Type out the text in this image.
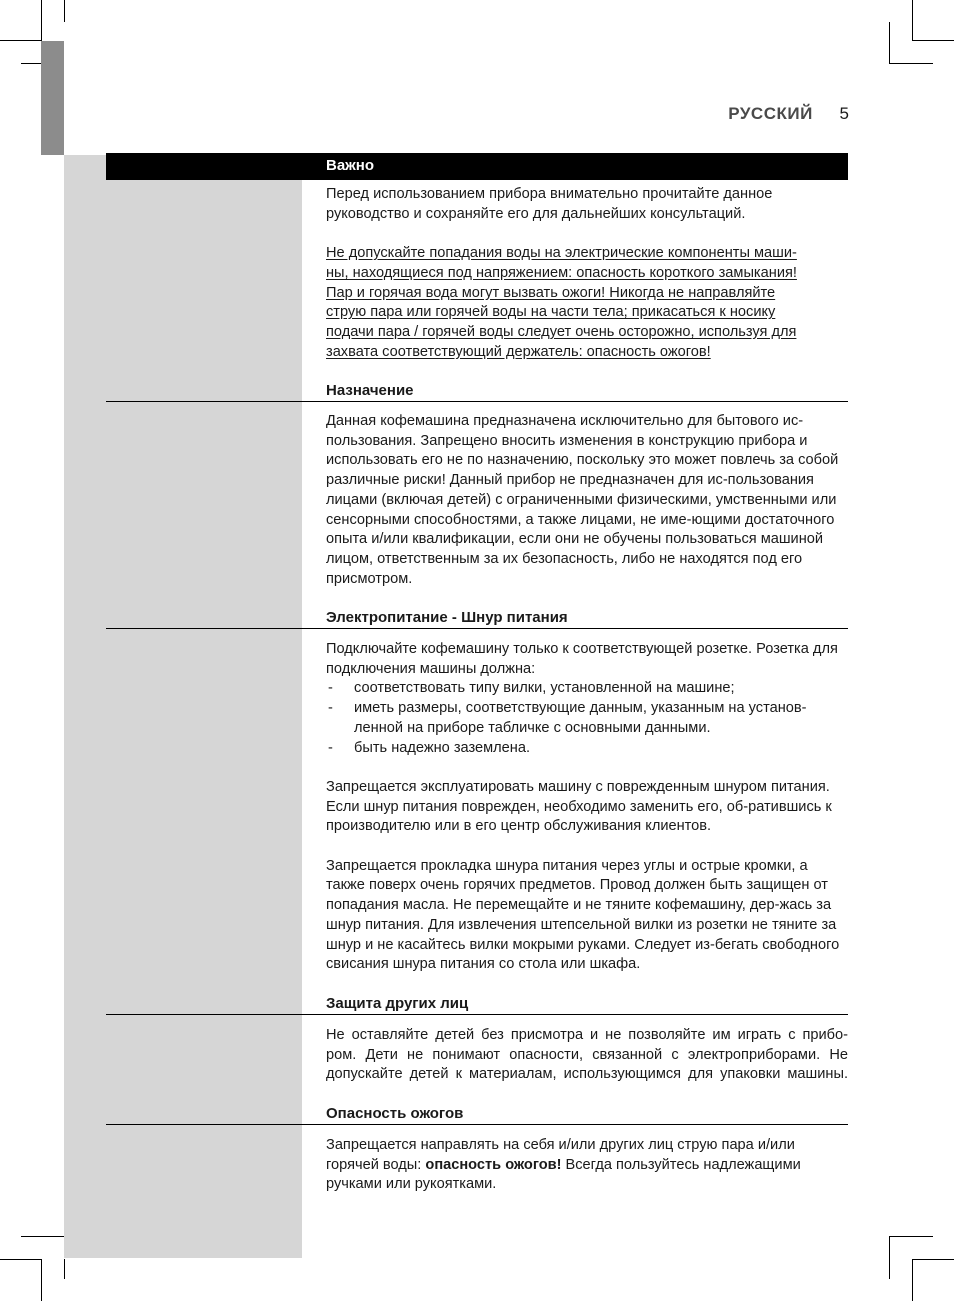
РУССКИЙ 5
Важно

Перед использованием прибора внимательно прочитайте данное руководство и сохраняйте его для дальнейших консультаций.

Не допускайте попадания воды на электрические компоненты маши-
ны, находящиеся под напряжением: опасность короткого замыкания!
Пар и горячая вода могут вызвать ожоги! Никогда не направляйте
струю пара или горячей воды на части тела; прикасаться к носику
подачи пара / горячей воды следует очень осторожно, используя для
захвата соответствующий держатель: опасность ожогов!
Назначение

Данная кофемашина предназначена исключительно для бытового ис-пользования. Запрещено вносить изменения в конструкцию прибора и использовать его не по назначению, поскольку это может повлечь за собой различные риски! Данный прибор не предназначен для ис-пользования лицами (включая детей) с ограниченными физическими, умственными или сенсорными способностями, а также лицами, не име-ющими достаточного опыта и/или квалификации, если они не обучены пользоваться машиной лицом, ответственным за их безопасность, либо не находятся под его присмотром.

Электропитание - Шнур питания

Подключайте кофемашину только к соответствующей розетке. Розетка для подключения машины должна:

- соответствовать типу вилки, установленной на машине;
- иметь размеры, соответствующие данным, указанным на установ-ленной на приборе табличке с основными данными.
- быть надежно заземлена.

Запрещается эксплуатировать машину с поврежденным шнуром питания. Если шнур питания поврежден, необходимо заменить его, об-ратившись к производителю или в его центр обслуживания клиентов.

Запрещается прокладка шнура питания через углы и острые кромки, а также поверх очень горячих предметов. Провод должен быть защищен от попадания масла. Не перемещайте и не тяните кофемашину, дер-жась за шнур питания. Для извлечения штепсельной вилки из розетки не тяните за шнур и не касайтесь вилки мокрыми руками. Следует из-бегать свободного свисания шнура питания со стола или шкафа.

Защита других лиц
Не оставляйте детей без присмотра и не позволяйте им играть с прибо-
ром. Дети не понимают опасности, связанной с электроприборами. Не
допускайте детей к материалам, использующимся для упаковки машины.
Опасность ожогов

Запрещается направлять на себя и/или других лиц струю пара и/или горячей воды: опасность ожогов! Всегда пользуйтесь надлежащими ручками или рукоятками.
